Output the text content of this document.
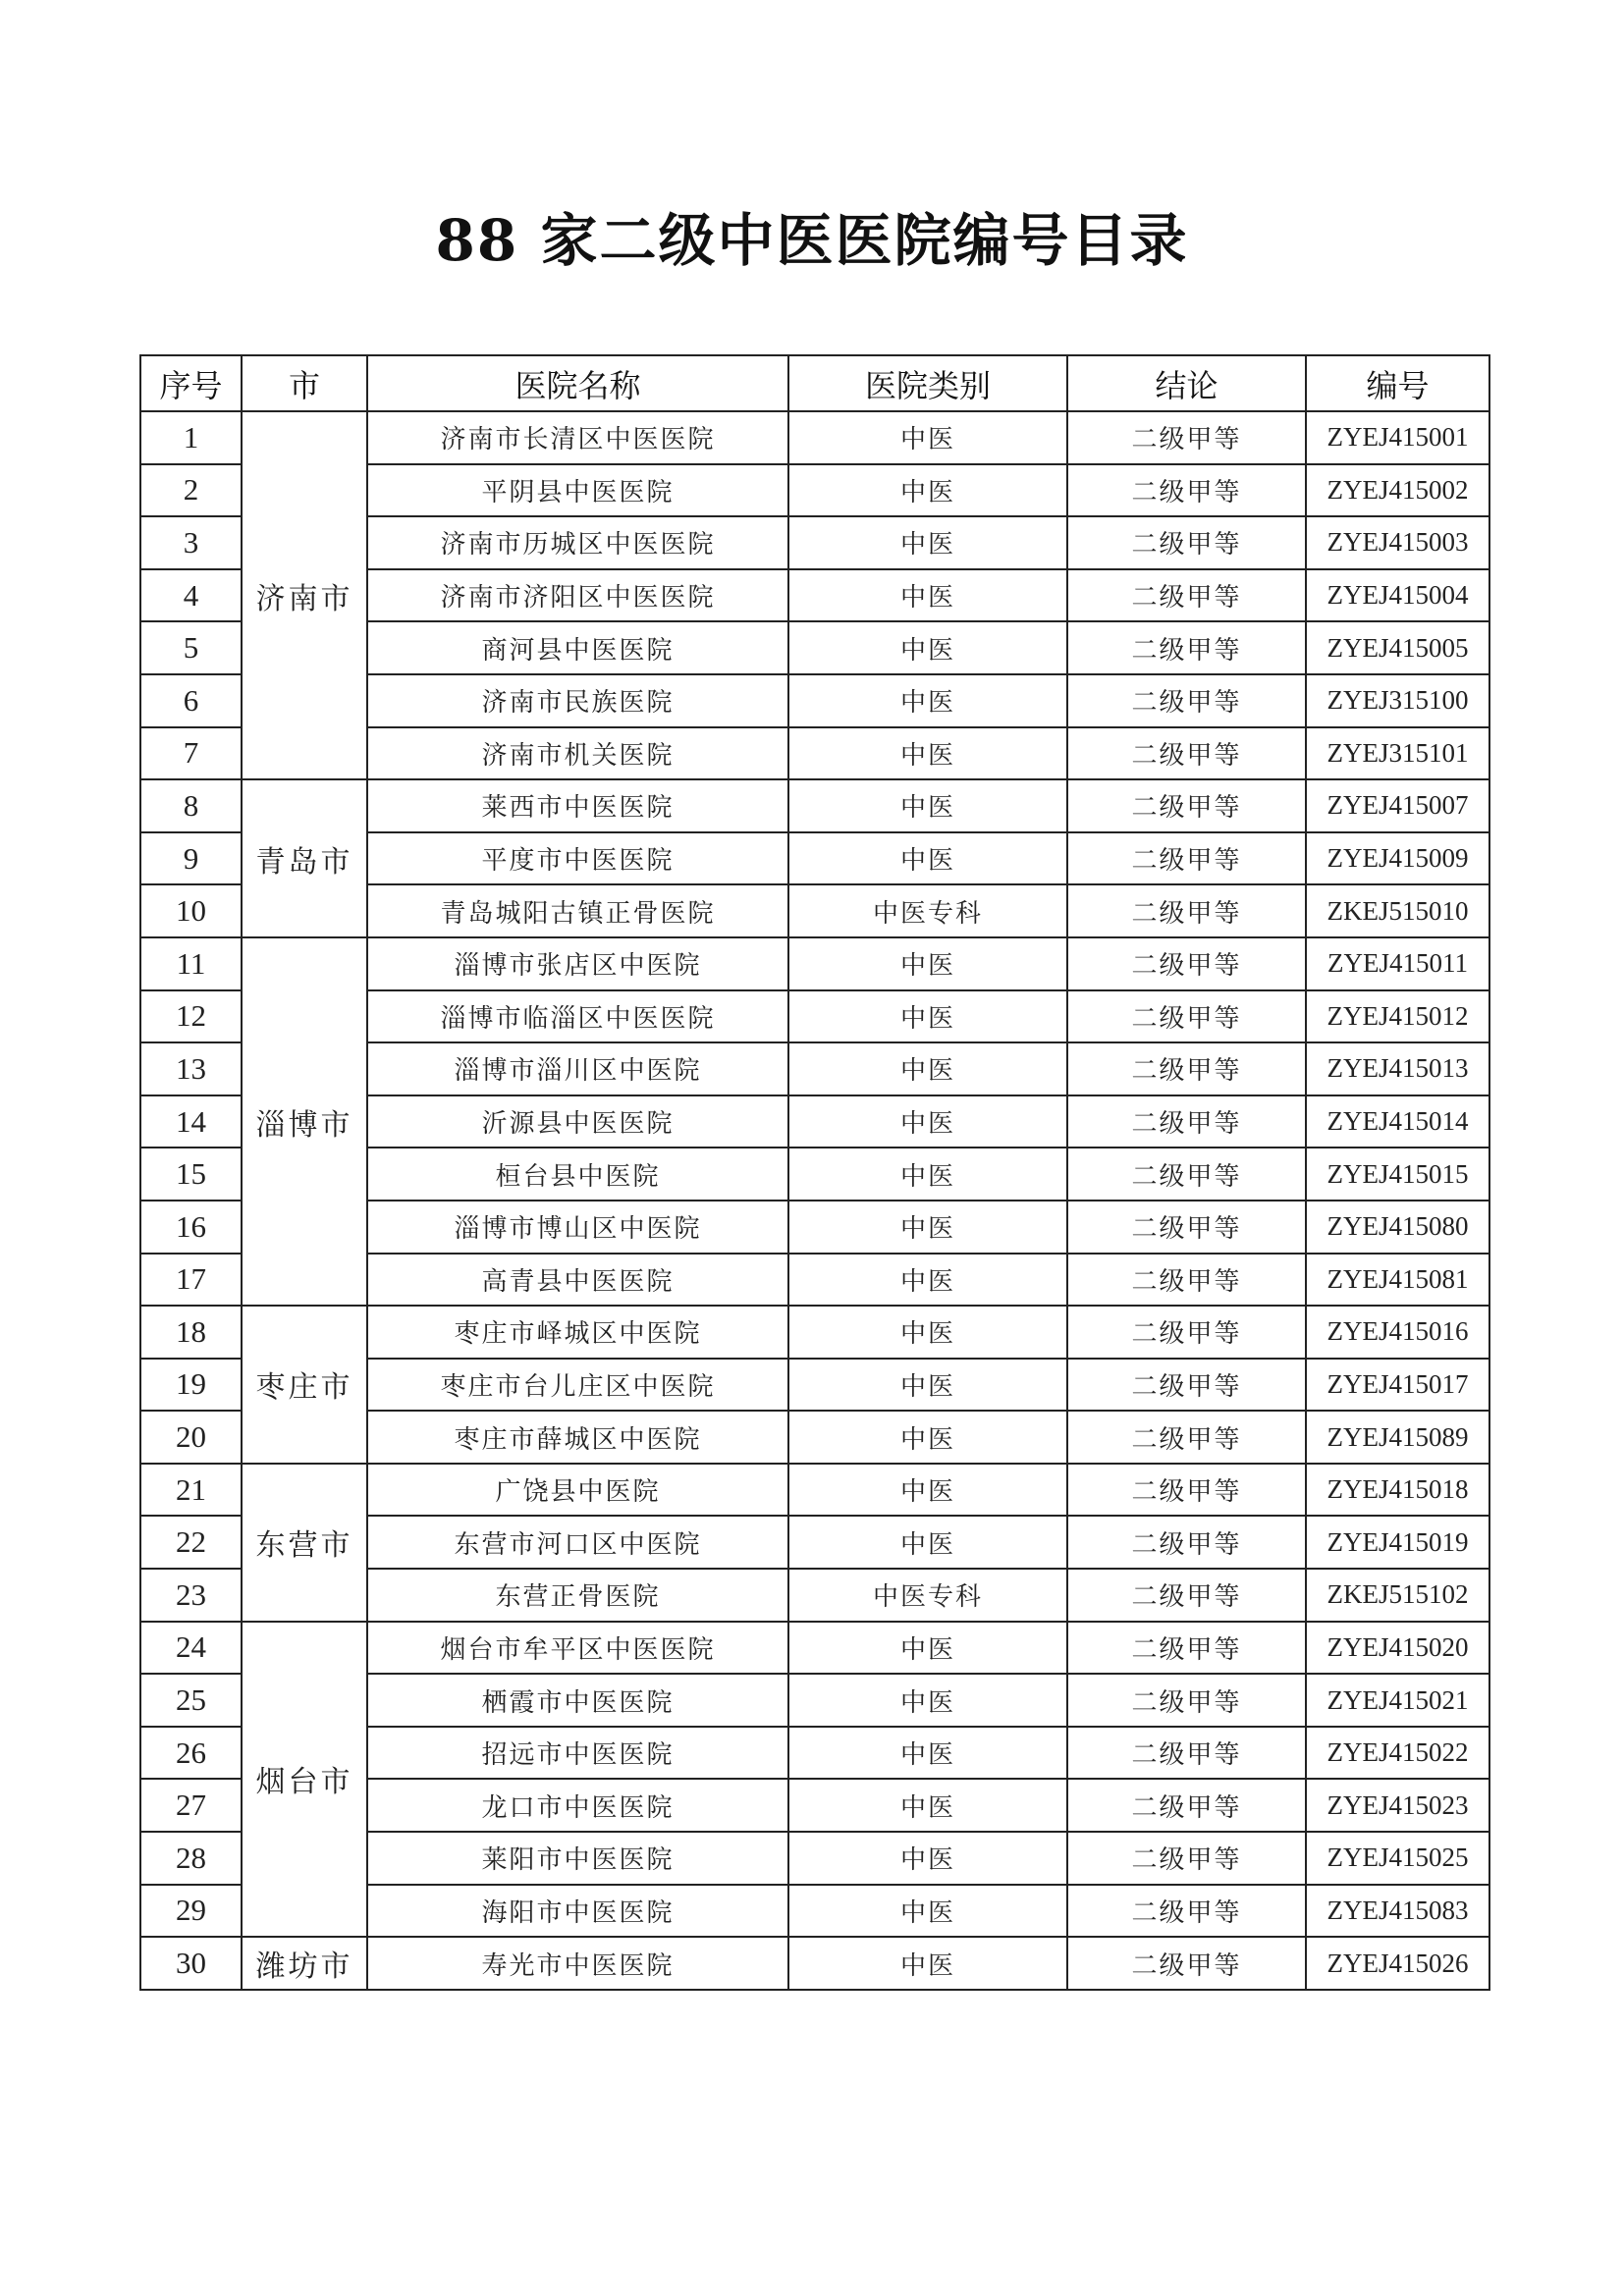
88 家二级中医医院编号目录
序号	市	医院名称	医院类别	结论	编号
1	济南市	济南市长清区中医医院	中医	二级甲等	ZYEJ415001
2		平阴县中医医院	中医	二级甲等	ZYEJ415002
3		济南市历城区中医医院	中医	二级甲等	ZYEJ415003
4		济南市济阳区中医医院	中医	二级甲等	ZYEJ415004
5		商河县中医医院	中医	二级甲等	ZYEJ415005
6		济南市民族医院	中医	二级甲等	ZYEJ315100
7		济南市机关医院	中医	二级甲等	ZYEJ315101
8	青岛市	莱西市中医医院	中医	二级甲等	ZYEJ415007
9		平度市中医医院	中医	二级甲等	ZYEJ415009
10		青岛城阳古镇正骨医院	中医专科	二级甲等	ZKEJ515010
11	淄博市	淄博市张店区中医院	中医	二级甲等	ZYEJ415011
12		淄博市临淄区中医医院	中医	二级甲等	ZYEJ415012
13		淄博市淄川区中医院	中医	二级甲等	ZYEJ415013
14		沂源县中医医院	中医	二级甲等	ZYEJ415014
15		桓台县中医院	中医	二级甲等	ZYEJ415015
16		淄博市博山区中医院	中医	二级甲等	ZYEJ415080
17		高青县中医医院	中医	二级甲等	ZYEJ415081
18	枣庄市	枣庄市峄城区中医院	中医	二级甲等	ZYEJ415016
19		枣庄市台儿庄区中医院	中医	二级甲等	ZYEJ415017
20		枣庄市薛城区中医院	中医	二级甲等	ZYEJ415089
21	东营市	广饶县中医院	中医	二级甲等	ZYEJ415018
22		东营市河口区中医院	中医	二级甲等	ZYEJ415019
23		东营正骨医院	中医专科	二级甲等	ZKEJ515102
24	烟台市	烟台市牟平区中医医院	中医	二级甲等	ZYEJ415020
25		栖霞市中医医院	中医	二级甲等	ZYEJ415021
26		招远市中医医院	中医	二级甲等	ZYEJ415022
27		龙口市中医医院	中医	二级甲等	ZYEJ415023
28		莱阳市中医医院	中医	二级甲等	ZYEJ415025
29		海阳市中医医院	中医	二级甲等	ZYEJ415083
30	潍坊市	寿光市中医医院	中医	二级甲等	ZYEJ415026
